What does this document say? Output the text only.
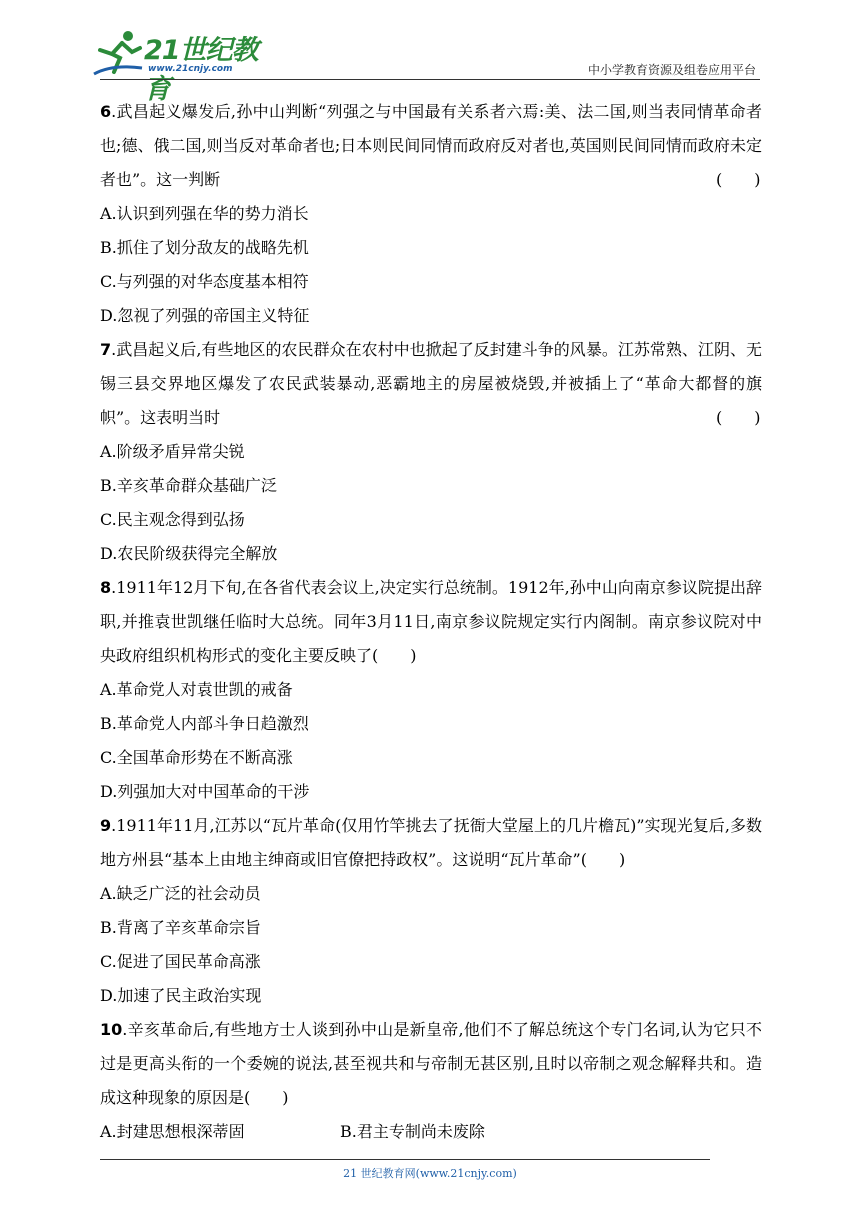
21世纪教育
www.21cnjy.com	中小学教育资源及组卷应用平台
(　　)
6.武昌起义爆发后,孙中山判断“列强之与中国最有关系者六焉:美、法二国,则当表同情革命者也;德、俄二国,则当反对革命者也;日本则民间同情而政府反对者也,英国则民间同情而政府未定者也”。这一判断
A.认识到列强在华的势力消长
B.抓住了划分敌友的战略先机
C.与列强的对华态度基本相符
D.忽视了列强的帝国主义特征
(　　)
7.武昌起义后,有些地区的农民群众在农村中也掀起了反封建斗争的风暴。江苏常熟、江阴、无锡三县交界地区爆发了农民武装暴动,恶霸地主的房屋被烧毁,并被插上了“革命大都督的旗帜”。这表明当时
A.阶级矛盾异常尖锐
B.辛亥革命群众基础广泛
C.民主观念得到弘扬
D.农民阶级获得完全解放
8.1911年12月下旬,在各省代表会议上,决定实行总统制。1912年,孙中山向南京参议院提出辞职,并推袁世凯继任临时大总统。同年3月11日,南京参议院规定实行内阁制。南京参议院对中央政府组织机构形式的变化主要反映了(　　)
A.革命党人对袁世凯的戒备
B.革命党人内部斗争日趋激烈
C.全国革命形势在不断高涨
D.列强加大对中国革命的干涉
9.1911年11月,江苏以“瓦片革命(仅用竹竿挑去了抚衙大堂屋上的几片檐瓦)”实现光复后,多数地方州县“基本上由地主绅商或旧官僚把持政权”。这说明“瓦片革命”(　　)
A.缺乏广泛的社会动员
B.背离了辛亥革命宗旨
C.促进了国民革命高涨
D.加速了民主政治实现
10.辛亥革命后,有些地方士人谈到孙中山是新皇帝,他们不了解总统这个专门名词,认为它只不过是更高头衔的一个委婉的说法,甚至视共和与帝制无甚区别,且时以帝制之观念解释共和。造成这种现象的原因是(　　)
A.封建思想根深蒂固	B.君主专制尚未废除
21 世纪教育网(www.21cnjy.com)
